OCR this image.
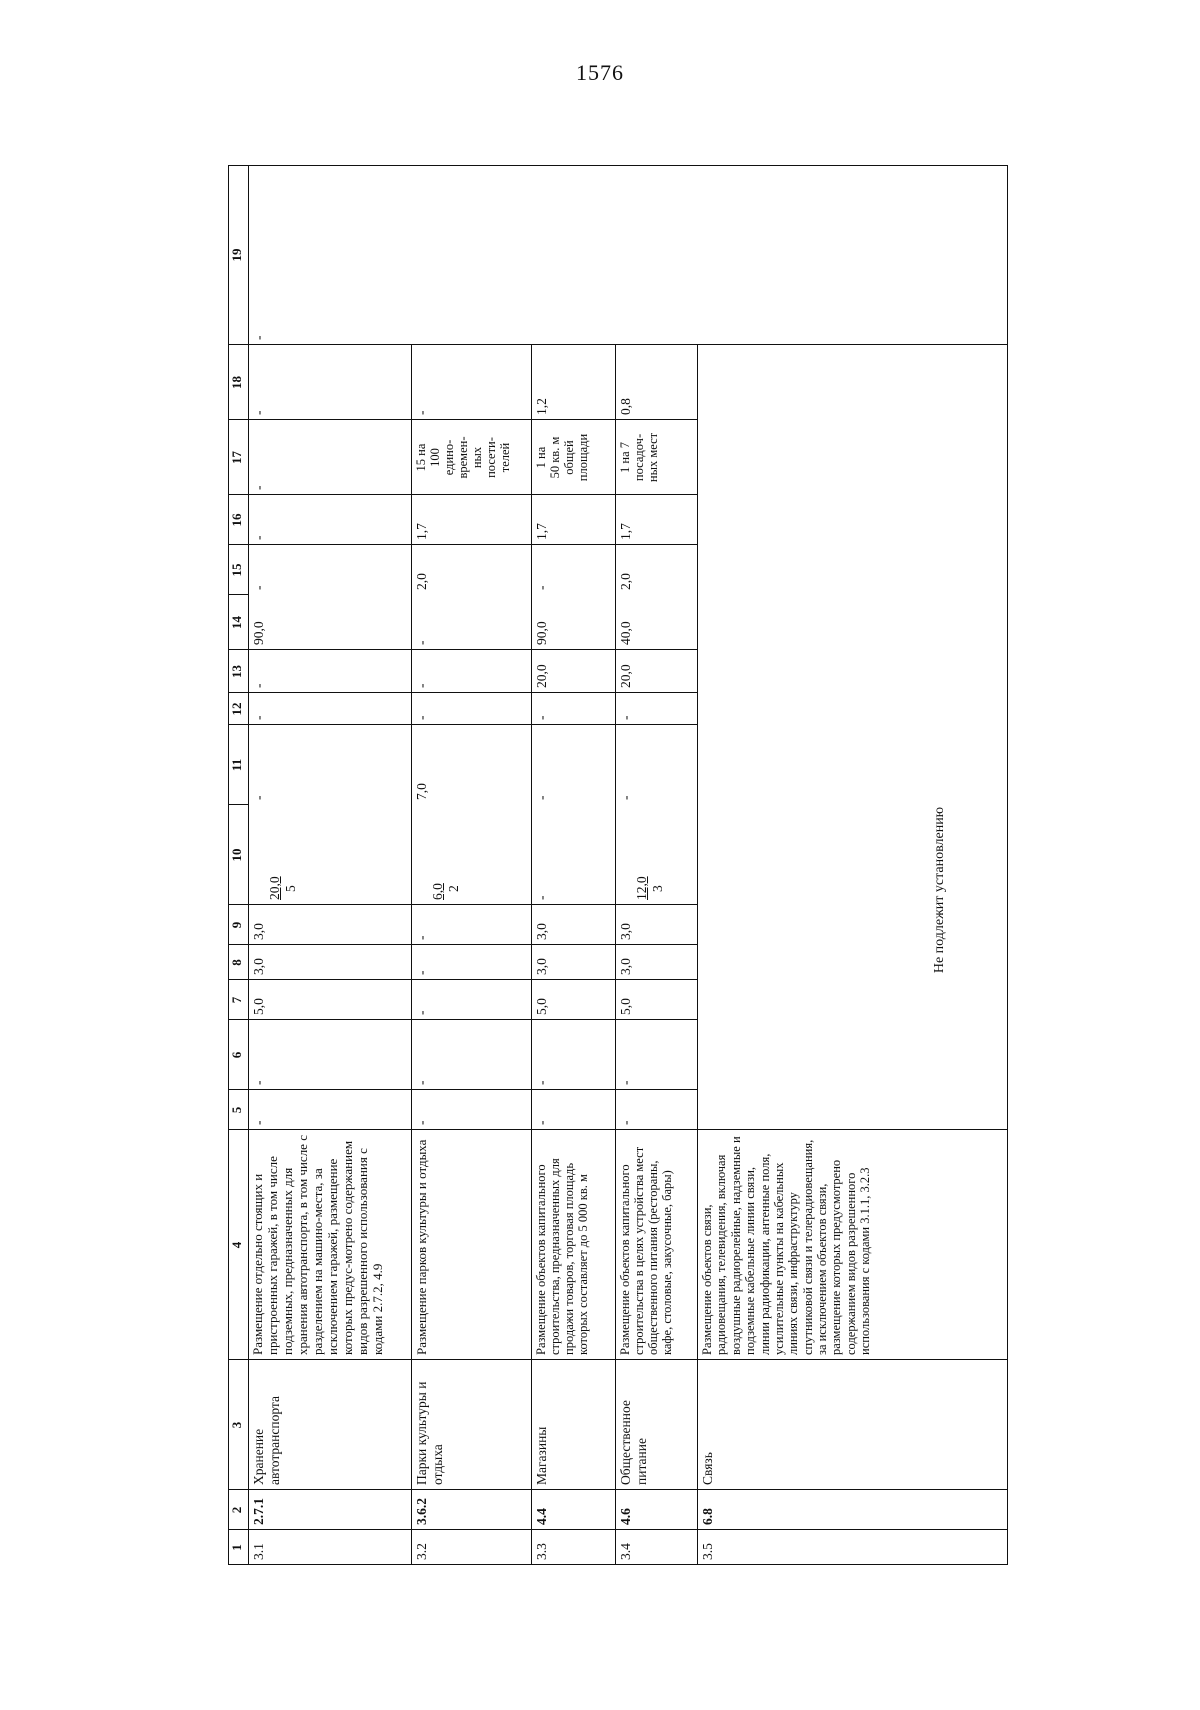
1576
1
2
3
4
5
6
7
8
9
10
11
12
13
14
15
16
17
18
19
3.1
2.7.1
Хранение
автотранспорта
Размещение отдельно стоящих и пристроенных гаражей, в том числе подземных, предназначенных для хранения автотранспорта, в том числе с разделением на машино-места, за исключением гаражей, размещение которых предус-мотрено содержанием видов разрешенного использования с кодами 2.7.2, 4.9
-
-
5,0
3,0
3,0

20,0 5

-
-
-
90,0
-
-
-
-
-
3.2
3.6.2
Парки культуры и
отдыха
Размещение парков культуры и отдыха
-
-
-
-
-

6,0 2

7,0
-
-
-
2,0
1,7
15 на
100
едино-
времен-
ных
посети-
телей
-
3.3
4.4
Магазины
Размещение объектов капитального строительства, предназначенных для продажи товаров, торговая площадь которых составляет до 5 000 кв. м
-
-
5,0
3,0
3,0
-
-
-
20,0
90,0
-
1,7
1 на
50 кв. м
общей
площади
1,2
3.4
4.6
Общественное
питание
Размещение объектов капитального строительства в целях устройства мест общественного питания (рестораны, кафе, столовые, закусочные, бары)
-
-
5,0
3,0
3,0

12,0 3

-
-
20,0
40,0
2,0
1,7
1 на 7
посадоч-
ных мест
0,8
3.5
6.8
Связь
Размещение объектов связи, радиовещания, телевидения, включая воздушные радиорелейные, надземные и подземные кабельные линии связи, линии радиофикации, антенные поля, усилительные пункты на кабельных линиях связи, инфраструктуру спутниковой связи и телерадиовещания, за исключением объектов связи, размещение которых предусмотрено содержанием видов разрешенного использования с кодами 3.1.1, 3.2.3
Не подлежит установлению
